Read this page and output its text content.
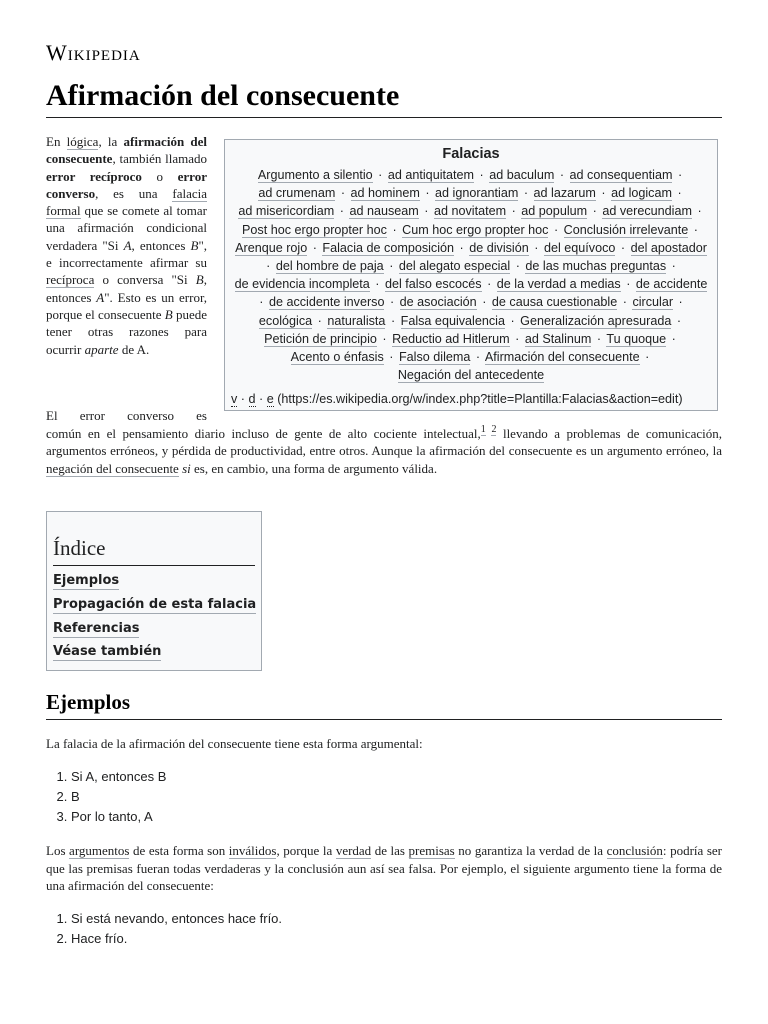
Wikipedia
Afirmación del consecuente

En lógica, la afirmación del consecuente, también llamado error recíproco o error converso, es una falacia formal que se comete al tomar una afirmación condicional verdadera "Si A, entonces B", e incorrectamente afirmar su recíproca o conversa "Si B, entonces A". Esto es un error, porque el consecuente B puede tener otras razones para ocurrir aparte de A.

Falacias
Argumento a silentio · ad antiquitatem · ad baculum · ad consequentiam · ad crumenam · ad hominem · ad ignorantiam · ad lazarum · ad logicam · ad misericordiam · ad nauseam · ad novitatem · ad populum · ad verecundiam · Post hoc ergo propter hoc · Cum hoc ergo propter hoc · Conclusión irrelevante · Arenque rojo · Falacia de composición · de división · del equívoco · del apostador · del hombre de paja · del alegato especial · de las muchas preguntas · de evidencia incompleta · del falso escocés · de la verdad a medias · de accidente · de accidente inverso · de asociación · de causa cuestionable · circular · ecológica · naturalista · Falsa equivalencia · Generalización apresurada · Petición de principio · Reductio ad Hitlerum · ad Stalinum · Tu quoque · Acento o énfasis · Falso dilema · Afirmación del consecuente · Negación del antecedente
v · d · e (https://es.wikipedia.org/w/index.php?title=Plantilla:Falacias&action=edit)

El error converso es
común en el pensamiento diario incluso de gente de alto cociente intelectual,$^{1 2}$ llevando a problemas de comunicación, argumentos erróneos, y pérdida de productividad, entre otros. Aunque la afirmación del consecuente es un argumento erróneo, la negación del consecuente si es, en cambio, una forma de argumento válida.

Índice
Ejemplos
Propagación de esta falacia
Referencias
Véase también
Ejemplos

La falacia de la afirmación del consecuente tiene esta forma argumental:

1. Si A, entonces B
2. B
3. Por lo tanto, A

Los argumentos de esta forma son inválidos, porque la verdad de las premisas no garantiza la verdad de la conclusión: podría ser que las premisas fueran todas verdaderas y la conclusión aun así sea falsa. Por ejemplo, el siguiente argumento tiene la forma de una afirmación del consecuente:

1. Si está nevando, entonces hace frío.
2. Hace frío.
